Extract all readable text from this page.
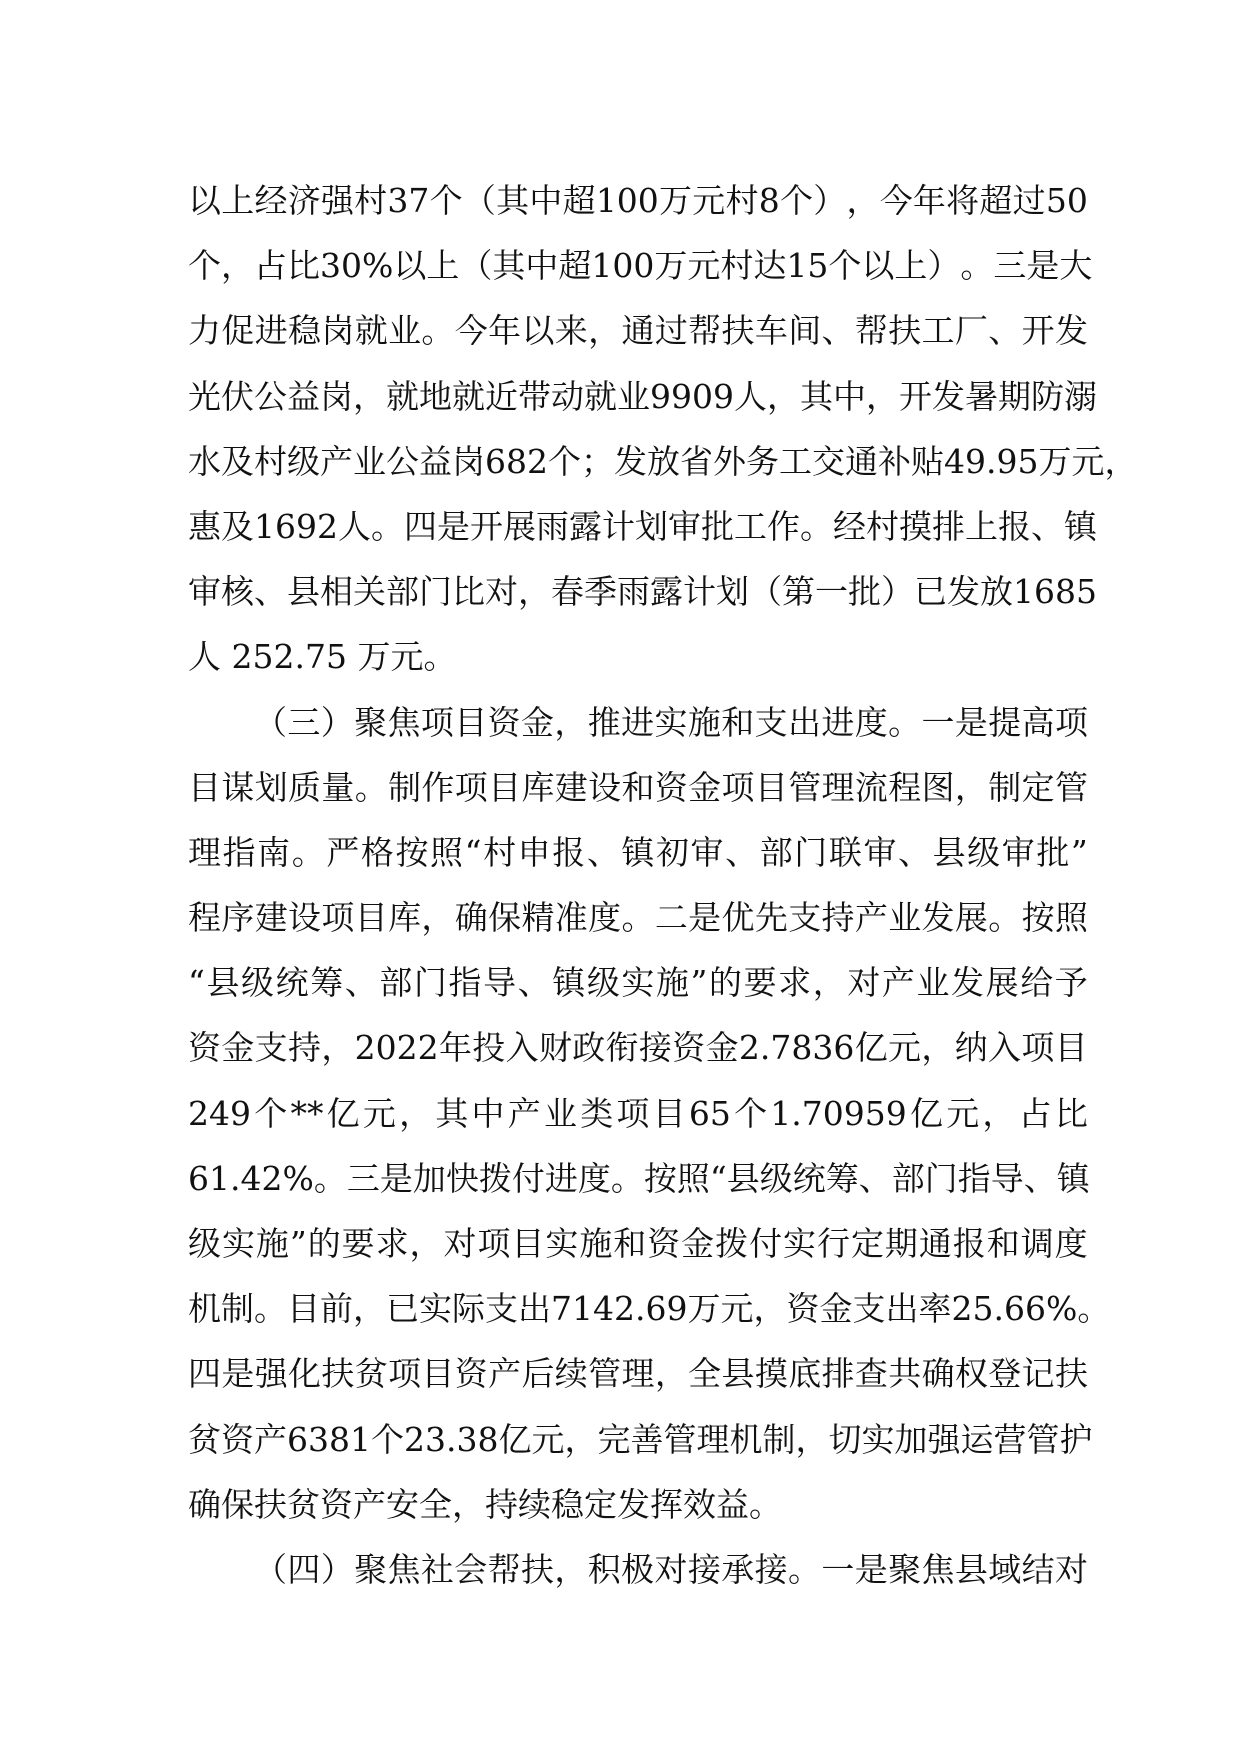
以 上 经 济 强 村 37 个 （ 其 中 超 100 万 元 村 8 个 ） ， 今 年 将 超 过 50
个 ， 占 比 30% 以 上 （ 其 中 超 100 万 元 村 达 15 个 以 上 ） 。 三 是 大
力 促 进 稳 岗 就 业 。 今 年 以 来 ， 通 过 帮 扶 车 间 、 帮 扶 工 厂 、 开 发
光 伏 公 益 岗 ， 就 地 就 近 带 动 就 业 9909 人 ， 其 中 ， 开 发 暑 期 防 溺
水 及 村 级 产 业 公 益 岗 682 个 ； 发 放 省 外 务 工 交 通 补 贴 49.95 万 元 ，
惠 及 1692 人 。 四 是 开 展 雨 露 计 划 审 批 工 作 。 经 村 摸 排 上 报 、 镇
审 核 、 县 相 关 部 门 比 对 ， 春 季 雨 露 计 划 （ 第 一 批 ） 已 发 放 1685
人 252.75 万元。
（ 三 ） 聚 焦 项 目 资 金 ， 推 进 实 施 和 支 出 进 度 。 一 是 提 高 项
目 谋 划 质 量 。 制 作 项 目 库 建 设 和 资 金 项 目 管 理 流 程 图 ， 制 定 管
理 指 南 。 严 格 按 照 “ 村 申 报 、 镇 初 审 、 部 门 联 审 、 县 级 审 批 ”
程 序 建 设 项 目 库 ， 确 保 精 准 度 。 二 是 优 先 支 持 产 业 发 展 。 按 照
“ 县 级 统 筹 、 部 门 指 导 、 镇 级 实 施 ” 的 要 求 ， 对 产 业 发 展 给 予
资 金 支 持 ， 2022 年 投 入 财 政 衔 接 资 金 2.7836 亿 元 ， 纳 入 项 目
249 个 ** 亿 元 ， 其 中 产 业 类 项 目 65 个 1.70959 亿 元 ， 占 比
61.42% 。 三 是 加 快 拨 付 进 度 。 按 照 “ 县 级 统 筹 、 部 门 指 导 、 镇
级 实 施 ” 的 要 求 ， 对 项 目 实 施 和 资 金 拨 付 实 行 定 期 通 报 和 调 度
机 制 。 目 前 ， 已 实 际 支 出 7142.69 万 元 ， 资 金 支 出 率 25.66% 。
四 是 强 化 扶 贫 项 目 资 产 后 续 管 理 ， 全 县 摸 底 排 查 共 确 权 登 记 扶
贫 资 产 6381 个 23.38 亿 元 ， 完 善 管 理 机 制 ， 切 实 加 强 运 营 管 护
确保扶贫资产安全，持续稳定发挥效益。
（ 四 ） 聚 焦 社 会 帮 扶 ， 积 极 对 接 承 接 。 一 是 聚 焦 县 域 结 对
